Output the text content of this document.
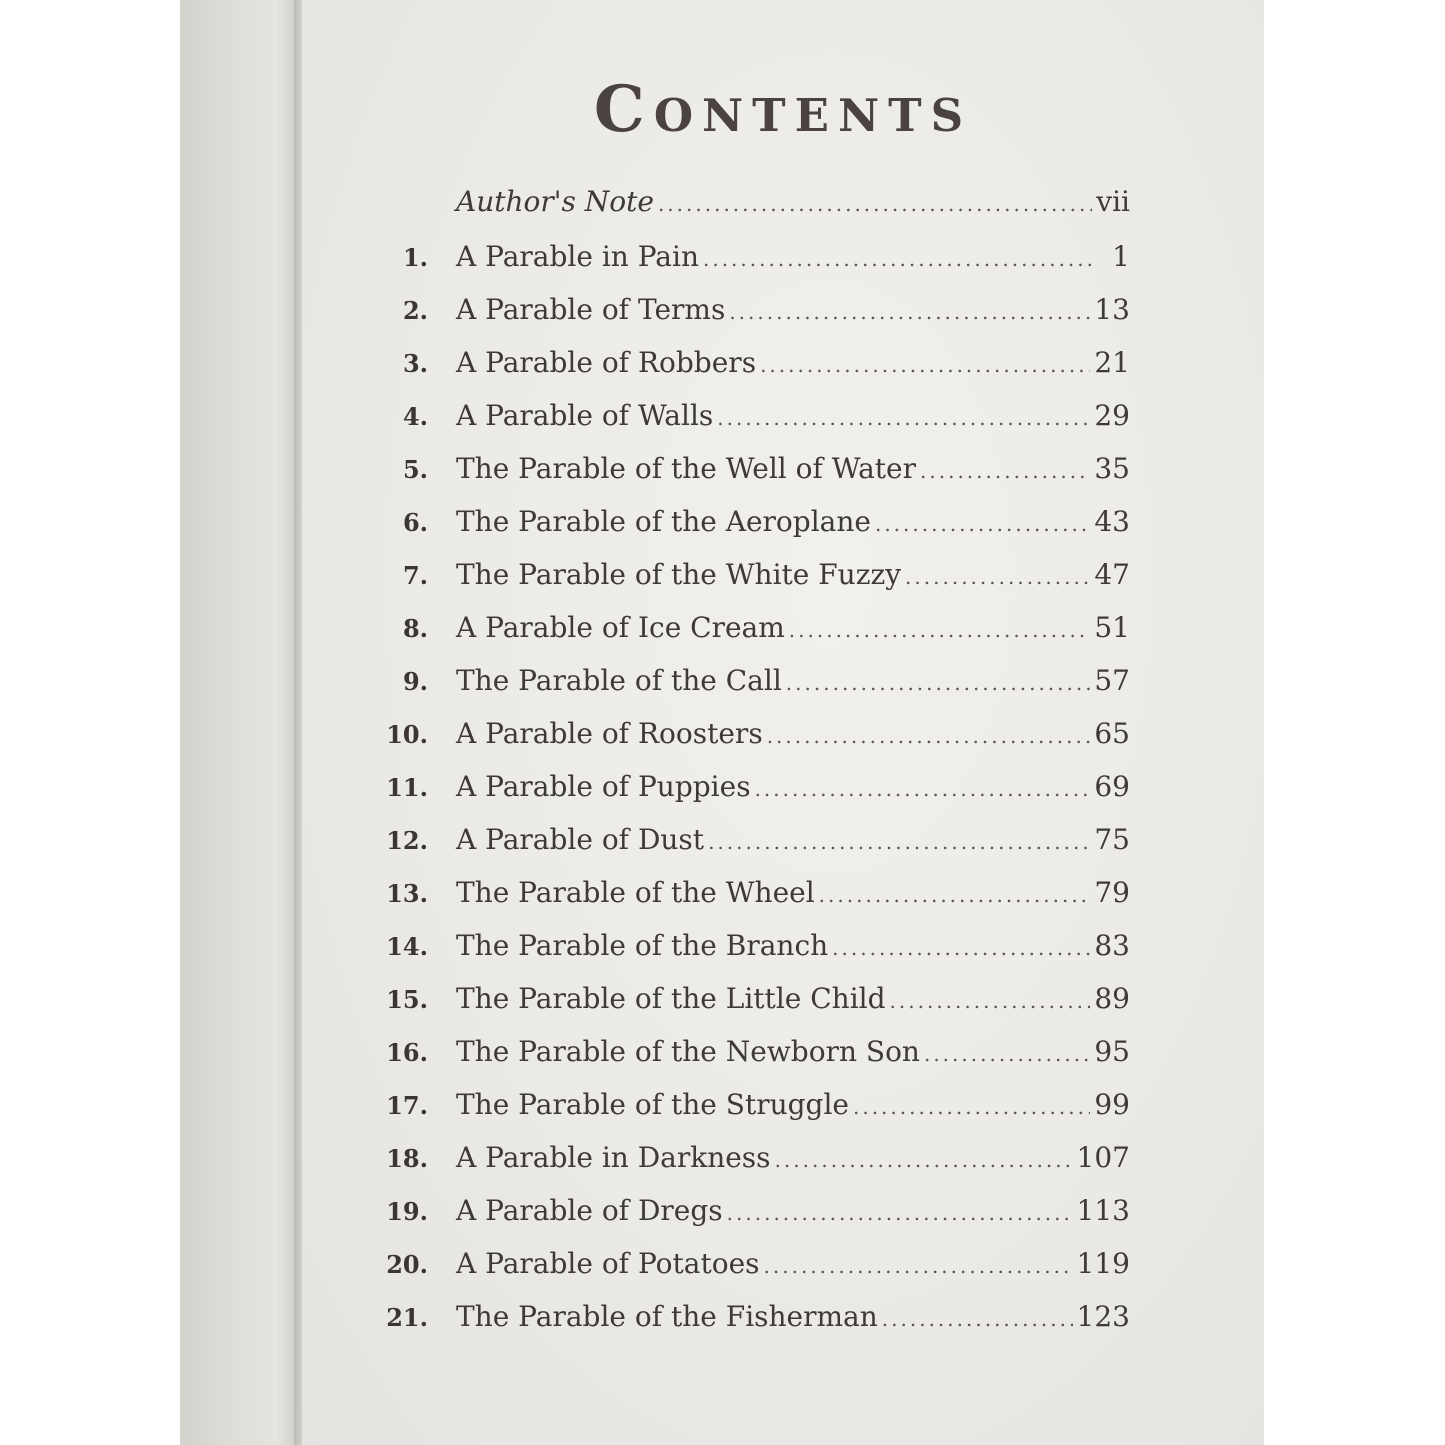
Contents
Author's Note .....	vii
1.	A Parable in Pain .....	1
2.	A Parable of Terms .....	13
3.	A Parable of Robbers .....	21
4.	A Parable of Walls .....	29
5.	The Parable of the Well of Water .....	35
6.	The Parable of the Aeroplane .....	43
7.	The Parable of the White Fuzzy .....	47
8.	A Parable of Ice Cream .....	51
9.	The Parable of the Call .....	57
10.	A Parable of Roosters .....	65
11.	A Parable of Puppies .....	69
12.	A Parable of Dust .....	75
13.	The Parable of the Wheel .....	79
14.	The Parable of the Branch .....	83
15.	The Parable of the Little Child .....	89
16.	The Parable of the Newborn Son .....	95
17.	The Parable of the Struggle .....	99
18.	A Parable in Darkness .....	107
19.	A Parable of Dregs .....	113
20.	A Parable of Potatoes .....	119
21.	The Parable of the Fisherman .....	123
